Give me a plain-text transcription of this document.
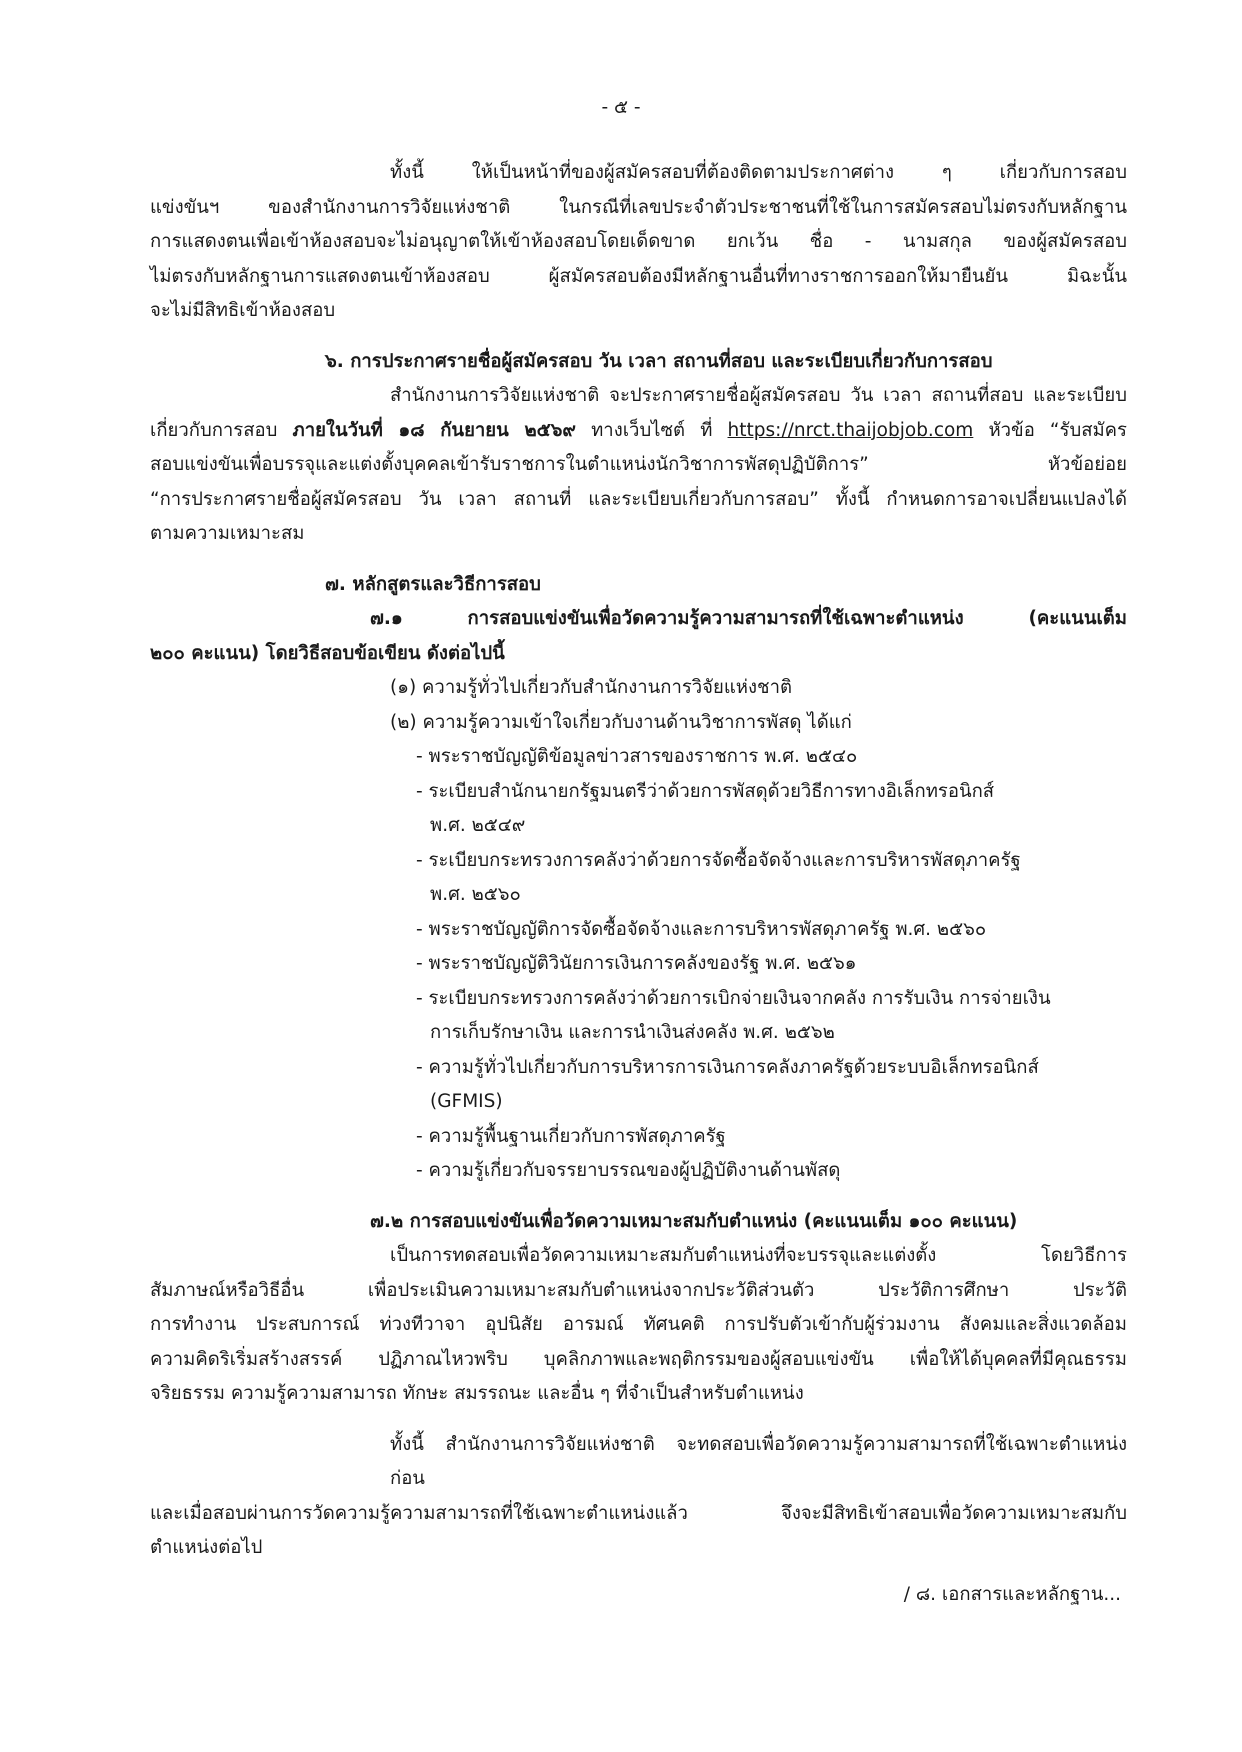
- ๕ -

ทั้งนี้ ให้เป็นหน้าที่ของผู้สมัครสอบที่ต้องติดตามประกาศต่าง ๆ เกี่ยวกับการสอบ

แข่งขันฯ ของสำนักงานการวิจัยแห่งชาติ ในกรณีที่เลขประจำตัวประชาชนที่ใช้ในการสมัครสอบไม่ตรงกับหลักฐาน

การแสดงตนเพื่อเข้าห้องสอบจะไม่อนุญาตให้เข้าห้องสอบโดยเด็ดขาด ยกเว้น ชื่อ - นามสกุล ของผู้สมัครสอบ

ไม่ตรงกับหลักฐานการแสดงตนเข้าห้องสอบ ผู้สมัครสอบต้องมีหลักฐานอื่นที่ทางราชการออกให้มายืนยัน มิฉะนั้น

จะไม่มีสิทธิเข้าห้องสอบ

๖. การประกาศรายชื่อผู้สมัครสอบ วัน เวลา สถานที่สอบ และระเบียบเกี่ยวกับการสอบ

สำนักงานการวิจัยแห่งชาติ จะประกาศรายชื่อผู้สมัครสอบ วัน เวลา สถานที่สอบ และระเบียบ

เกี่ยวกับการสอบ ภายในวันที่ ๑๘ กันยายน ๒๕๖๙ ทางเว็บไซต์ ที่ https://nrct.thaijobjob.com หัวข้อ “รับสมัคร

สอบแข่งขันเพื่อบรรจุและแต่งตั้งบุคคลเข้ารับราชการในตำแหน่งนักวิชาการพัสดุปฏิบัติการ” หัวข้อย่อย

“การประกาศรายชื่อผู้สมัครสอบ วัน เวลา สถานที่ และระเบียบเกี่ยวกับการสอบ” ทั้งนี้ กำหนดการอาจเปลี่ยนแปลงได้

ตามความเหมาะสม

๗. หลักสูตรและวิธีการสอบ

๗.๑ การสอบแข่งขันเพื่อวัดความรู้ความสามารถที่ใช้เฉพาะตำแหน่ง (คะแนนเต็ม

๒๐๐ คะแนน) โดยวิธีสอบข้อเขียน ดังต่อไปนี้

(๑) ความรู้ทั่วไปเกี่ยวกับสำนักงานการวิจัยแห่งชาติ

(๒) ความรู้ความเข้าใจเกี่ยวกับงานด้านวิชาการพัสดุ ได้แก่

- พระราชบัญญัติข้อมูลข่าวสารของราชการ พ.ศ. ๒๕๔๐

- ระเบียบสำนักนายกรัฐมนตรีว่าด้วยการพัสดุด้วยวิธีการทางอิเล็กทรอนิกส์

พ.ศ. ๒๕๔๙

- ระเบียบกระทรวงการคลังว่าด้วยการจัดซื้อจัดจ้างและการบริหารพัสดุภาครัฐ

พ.ศ. ๒๕๖๐

- พระราชบัญญัติการจัดซื้อจัดจ้างและการบริหารพัสดุภาครัฐ พ.ศ. ๒๕๖๐

- พระราชบัญญัติวินัยการเงินการคลังของรัฐ พ.ศ. ๒๕๖๑

- ระเบียบกระทรวงการคลังว่าด้วยการเบิกจ่ายเงินจากคลัง การรับเงิน การจ่ายเงิน

การเก็บรักษาเงิน และการนำเงินส่งคลัง พ.ศ. ๒๕๖๒

- ความรู้ทั่วไปเกี่ยวกับการบริหารการเงินการคลังภาครัฐด้วยระบบอิเล็กทรอนิกส์

(GFMIS)

- ความรู้พื้นฐานเกี่ยวกับการพัสดุภาครัฐ

- ความรู้เกี่ยวกับจรรยาบรรณของผู้ปฏิบัติงานด้านพัสดุ

๗.๒ การสอบแข่งขันเพื่อวัดความเหมาะสมกับตำแหน่ง (คะแนนเต็ม ๑๐๐ คะแนน)

เป็นการทดสอบเพื่อวัดความเหมาะสมกับตำแหน่งที่จะบรรจุและแต่งตั้ง โดยวิธีการ

สัมภาษณ์หรือวิธีอื่น เพื่อประเมินความเหมาะสมกับตำแหน่งจากประวัติส่วนตัว ประวัติการศึกษา ประวัติ

การทำงาน ประสบการณ์ ท่วงทีวาจา อุปนิสัย อารมณ์ ทัศนคติ การปรับตัวเข้ากับผู้ร่วมงาน สังคมและสิ่งแวดล้อม

ความคิดริเริ่มสร้างสรรค์ ปฏิภาณไหวพริบ บุคลิกภาพและพฤติกรรมของผู้สอบแข่งขัน เพื่อให้ได้บุคคลที่มีคุณธรรม

จริยธรรม ความรู้ความสามารถ ทักษะ สมรรถนะ และอื่น ๆ ที่จำเป็นสำหรับตำแหน่ง

ทั้งนี้ สำนักงานการวิจัยแห่งชาติ จะทดสอบเพื่อวัดความรู้ความสามารถที่ใช้เฉพาะตำแหน่งก่อน

และเมื่อสอบผ่านการวัดความรู้ความสามารถที่ใช้เฉพาะตำแหน่งแล้ว จึงจะมีสิทธิเข้าสอบเพื่อวัดความเหมาะสมกับ

ตำแหน่งต่อไป

/ ๘. เอกสารและหลักฐาน...
